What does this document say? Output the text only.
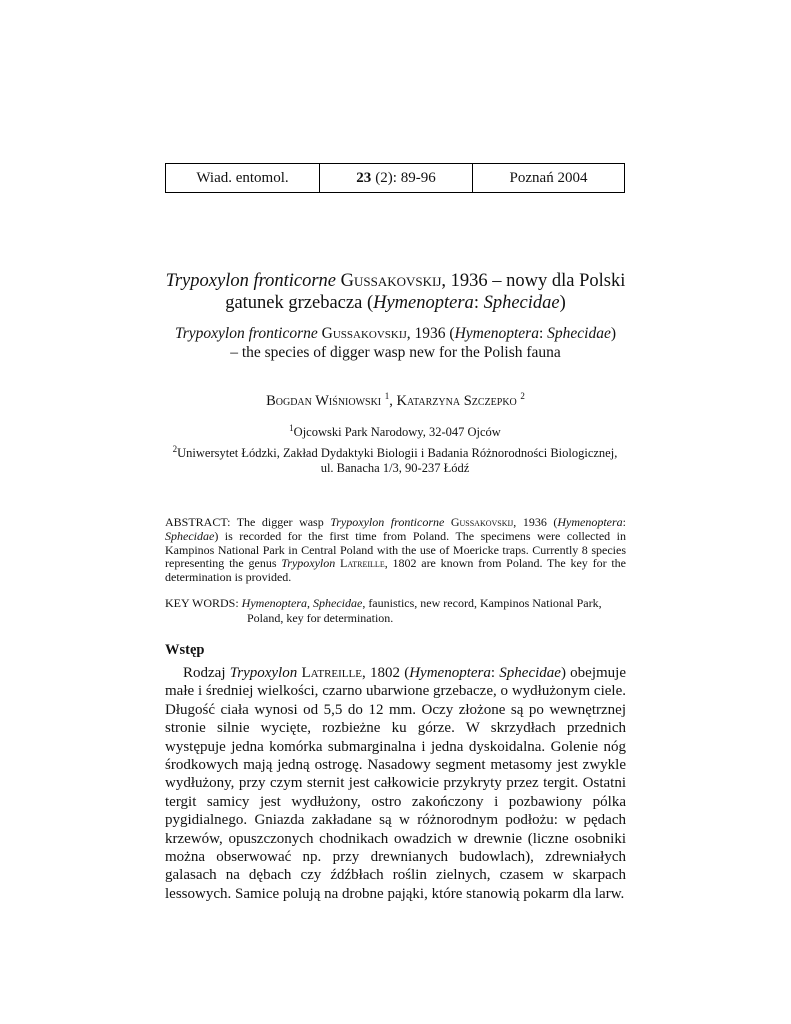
Wiad. entomol.	23 (2): 89-96	Poznań 2004
Trypoxylon fronticorne Gussakovskij, 1936 – nowy dla Polski
gatunek grzebacza (Hymenoptera: Sphecidae)
Trypoxylon fronticorne Gussakovskij, 1936 (Hymenoptera: Sphecidae)
– the species of digger wasp new for the Polish fauna
Bogdan Wiśniowski $^1$, Katarzyna Szczepko $^2$
$^1$Ojcowski Park Narodowy, 32-047 Ojców
$^2$Uniwersytet Łódzki, Zakład Dydaktyki Biologii i Badania Różnorodności Biologicznej,
ul. Banacha 1/3, 90-237 Łódź
ABSTRACT: The digger wasp Trypoxylon fronticorne Gussakovskij, 1936 (Hymenoptera: Sphecidae) is recorded for the first time from Poland. The specimens were collected in Kampinos National Park in Central Poland with the use of Moericke traps. Currently 8 species representing the genus Trypoxylon Latreille, 1802 are known from Poland. The key for the determination is provided.
KEY WORDS: Hymenoptera, Sphecidae, faunistics, new record, Kampinos National Park,
Poland, key for determination.
Wstęp
Rodzaj Trypoxylon Latreille, 1802 (Hymenoptera: Sphecidae) obejmuje małe i średniej wielkości, czarno ubarwione grzebacze, o wydłużonym ciele. Długość ciała wynosi od 5,5 do 12 mm. Oczy złożone są po wewnętrznej stronie silnie wycięte, rozbieżne ku górze. W skrzydłach przednich występuje jedna komórka submarginalna i jedna dyskoidalna. Golenie nóg środkowych mają jedną ostrogę. Nasadowy segment metasomy jest zwykle wydłużony, przy czym sternit jest całkowicie przykryty przez tergit. Ostatni tergit samicy jest wydłużony, ostro zakończony i pozbawiony pólka pygidialnego. Gniazda zakładane są w różnorodnym podłożu: w pędach krzewów, opuszczonych chodnikach owadzich w drewnie (liczne osobniki można obserwować np. przy drewnianych budowlach), zdrewniałych galasach na dębach czy źdźbłach roślin zielnych, czasem w skarpach lessowych. Samice polują na drobne pająki, które stanowią pokarm dla larw.
